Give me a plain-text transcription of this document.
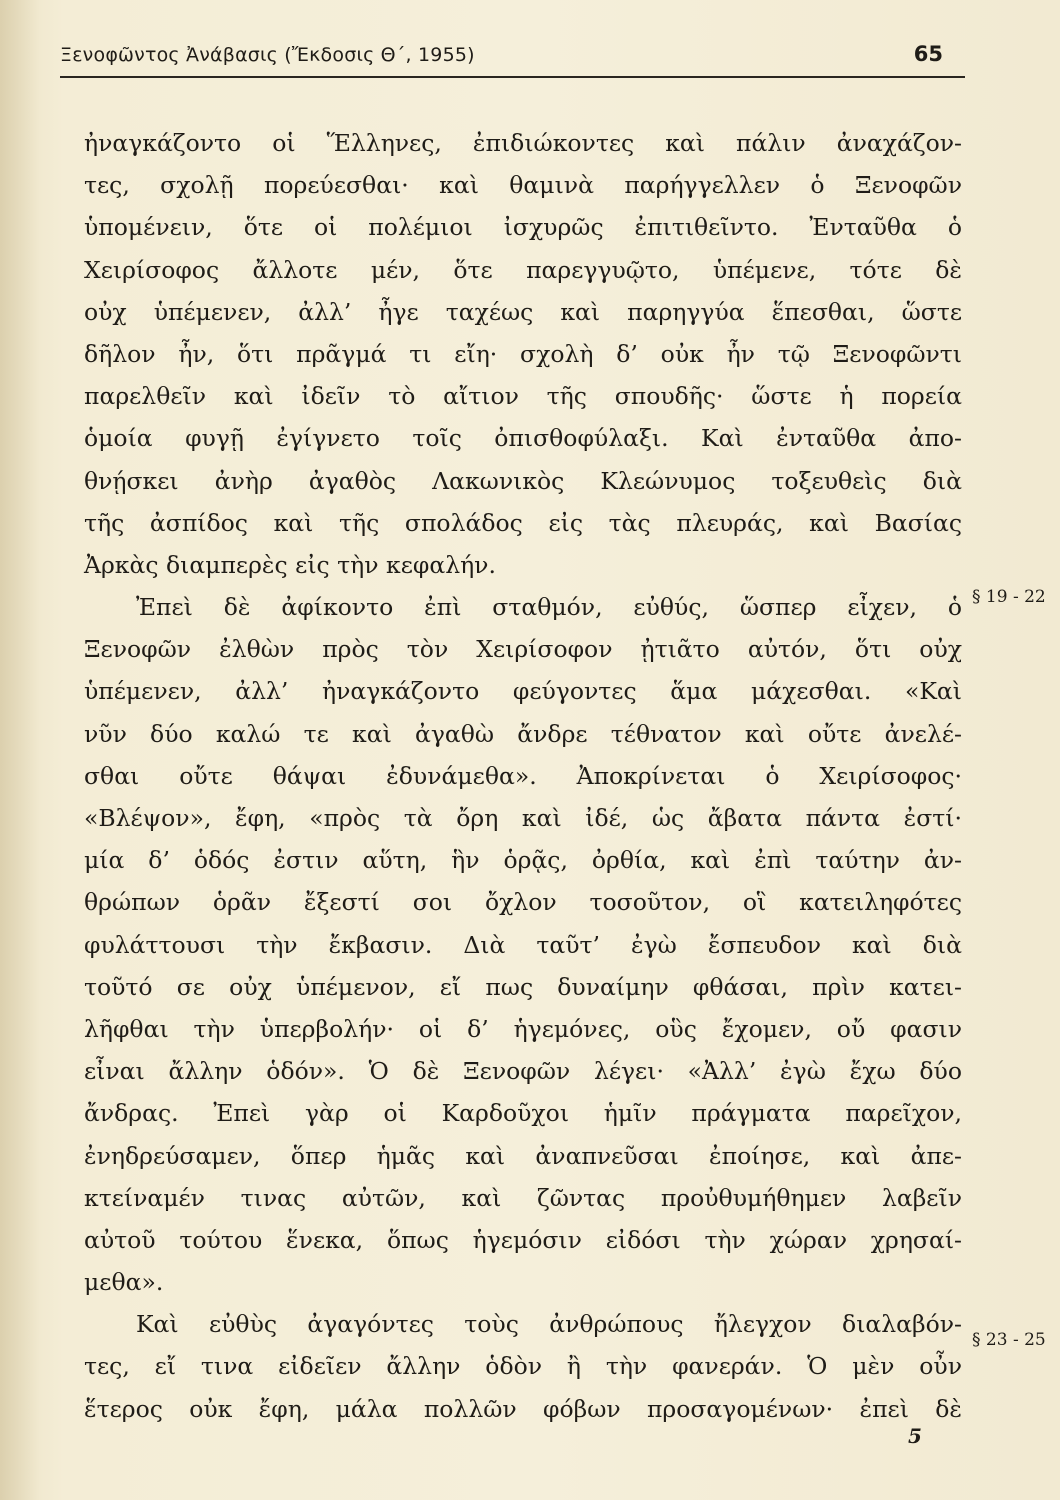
Ξενοφῶντος Ἀνάβασις (Ἔκδοσις Θ΄, 1955)	65
ἠναγκάζοντο οἱ Ἕλληνες, ἐπιδιώκοντες καὶ πάλιν ἀναχάζον-
τες, σχολῇ πορεύεσθαι· καὶ θαμινὰ παρήγγελλεν ὁ Ξενοφῶν
ὑπομένειν, ὅτε οἱ πολέμιοι ἰσχυρῶς ἐπιτιθεῖντο. Ἐνταῦθα ὁ
Χειρίσοφος ἄλλοτε μέν, ὅτε παρεγγυῷτο, ὑπέμενε, τότε δὲ
οὐχ ὑπέμενεν, ἀλλ’ ἦγε ταχέως καὶ παρηγγύα ἕπεσθαι, ὥστε
δῆλον ἦν, ὅτι πρᾶγμά τι εἴη· σχολὴ δ’ οὐκ ἦν τῷ Ξενοφῶντι
παρελθεῖν καὶ ἰδεῖν τὸ αἴτιον τῆς σπουδῆς· ὥστε ἡ πορεία
ὁμοία φυγῇ ἐγίγνετο τοῖς ὀπισθοφύλαξι. Καὶ ἐνταῦθα ἀπο-
θνῄσκει ἀνὴρ ἀγαθὸς Λακωνικὸς Κλεώνυμος τοξευθεὶς διὰ
τῆς ἀσπίδος καὶ τῆς σπολάδος εἰς τὰς πλευράς, καὶ Βασίας
Ἀρκὰς διαμπερὲς εἰς τὴν κεφαλήν.
Ἐπεὶ δὲ ἀφίκοντο ἐπὶ σταθμόν, εὐθύς, ὥσπερ εἶχεν, ὁ
Ξενοφῶν ἐλθὼν πρὸς τὸν Χειρίσοφον ᾐτιᾶτο αὐτόν, ὅτι οὐχ
ὑπέμενεν, ἀλλ’ ἠναγκάζοντο φεύγοντες ἅμα μάχεσθαι. «Καὶ
νῦν δύο καλώ τε καὶ ἀγαθὼ ἄνδρε τέθνατον καὶ οὔτε ἀνελέ-
σθαι οὔτε θάψαι ἐδυνάμεθα». Ἀποκρίνεται ὁ Χειρίσοφος·
«Βλέψον», ἔφη, «πρὸς τὰ ὄρη καὶ ἰδέ, ὡς ἄβατα πάντα ἐστί·
μία δ’ ὁδός ἐστιν αὕτη, ἣν ὁρᾷς, ὀρθία, καὶ ἐπὶ ταύτην ἀν-
θρώπων ὁρᾶν ἔξεστί σοι ὄχλον τοσοῦτον, οἳ κατειληφότες
φυλάττουσι τὴν ἔκβασιν. Διὰ ταῦτ’ ἐγὼ ἔσπευδον καὶ διὰ
τοῦτό σε οὐχ ὑπέμενον, εἴ πως δυναίμην φθάσαι, πρὶν κατει-
λῆφθαι τὴν ὑπερβολήν· οἱ δ’ ἡγεμόνες, οὓς ἔχομεν, οὔ φασιν
εἶναι ἄλλην ὁδόν». Ὁ δὲ Ξενοφῶν λέγει· «Ἀλλ’ ἐγὼ ἔχω δύο
ἄνδρας. Ἐπεὶ γὰρ οἱ Καρδοῦχοι ἡμῖν πράγματα παρεῖχον,
ἐνηδρεύσαμεν, ὅπερ ἡμᾶς καὶ ἀναπνεῦσαι ἐποίησε, καὶ ἀπε-
κτείναμέν τινας αὐτῶν, καὶ ζῶντας προὐθυμήθημεν λαβεῖν
αὐτοῦ τούτου ἕνεκα, ὅπως ἡγεμόσιν εἰδόσι τὴν χώραν χρησαί-
μεθα».
Καὶ εὐθὺς ἀγαγόντες τοὺς ἀνθρώπους ἤλεγχον διαλαβόν-
τες, εἴ τινα εἰδεῖεν ἄλλην ὁδὸν ἢ τὴν φανεράν. Ὁ μὲν οὖν
ἕτερος οὐκ ἔφη, μάλα πολλῶν φόβων προσαγομένων· ἐπεὶ δὲ
§ 19 - 22
§ 23 - 25
5
